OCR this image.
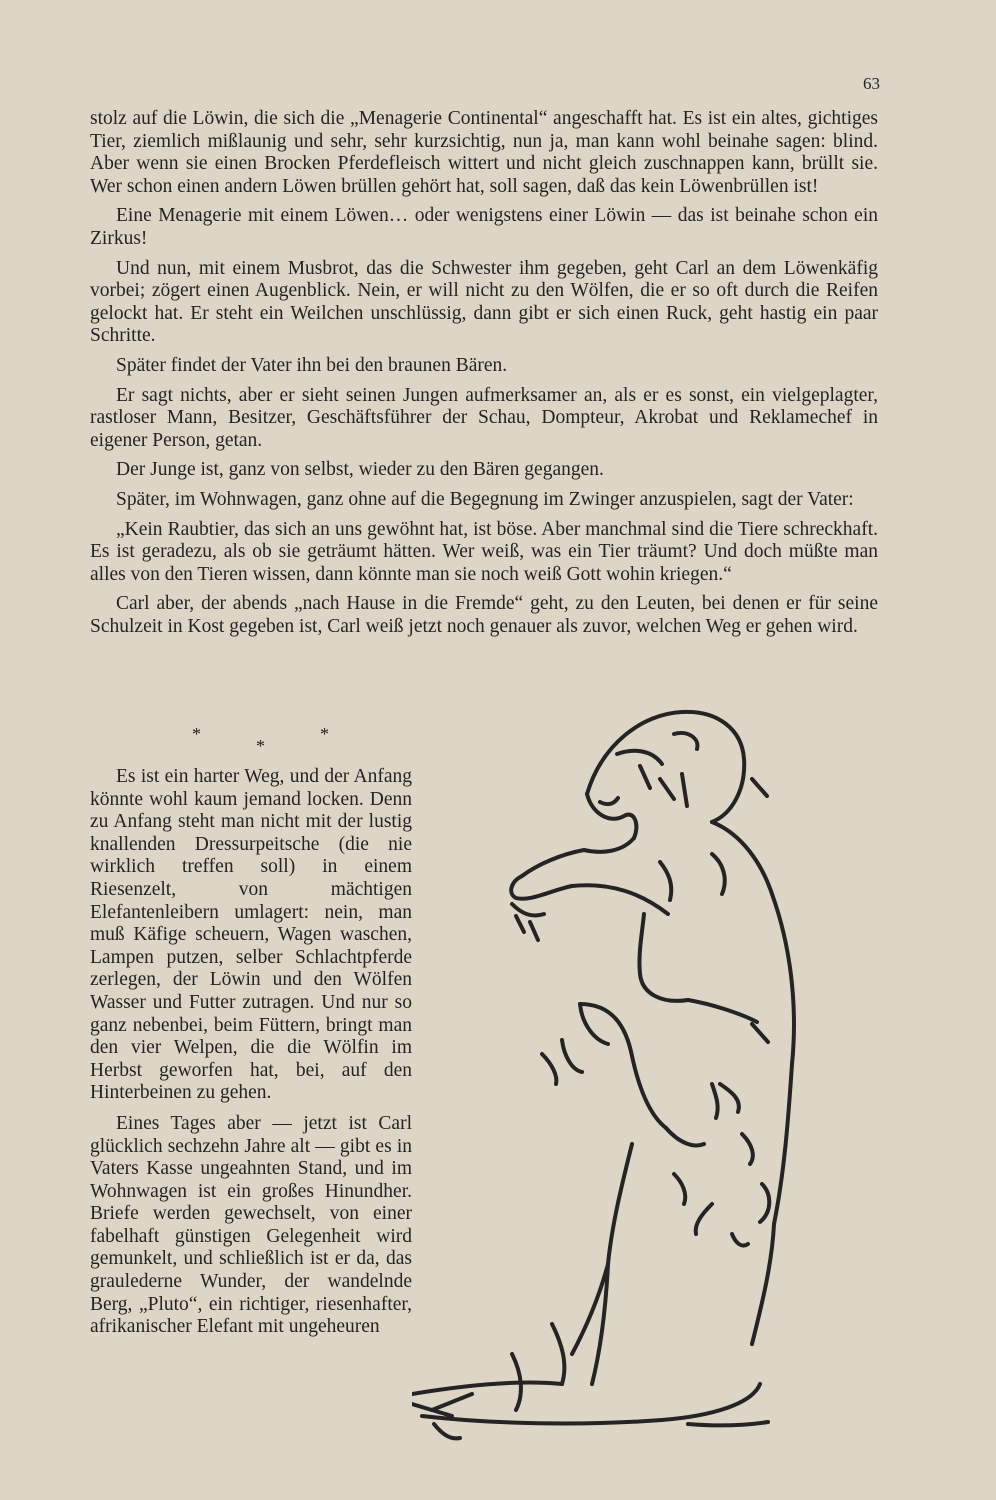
63

stolz auf die Löwin, die sich die „Menagerie Continental“ angeschafft hat. Es ist ein altes, gichtiges Tier, ziemlich mißlaunig und sehr, sehr kurzsichtig, nun ja, man kann wohl beinahe sagen: blind. Aber wenn sie einen Brocken Pferdefleisch wittert und nicht gleich zuschnappen kann, brüllt sie. Wer schon einen andern Löwen brüllen gehört hat, soll sagen, daß das kein Löwenbrüllen ist!

Eine Menagerie mit einem Löwen… oder wenigstens einer Löwin — das ist beinahe schon ein Zirkus!

Und nun, mit einem Musbrot, das die Schwester ihm gegeben, geht Carl an dem Löwenkäfig vorbei; zögert einen Augenblick. Nein, er will nicht zu den Wölfen, die er so oft durch die Reifen gelockt hat. Er steht ein Weilchen unschlüssig, dann gibt er sich einen Ruck, geht hastig ein paar Schritte.

Später findet der Vater ihn bei den braunen Bären.

Er sagt nichts, aber er sieht seinen Jungen aufmerksamer an, als er es sonst, ein vielgeplagter, rastloser Mann, Besitzer, Geschäftsführer der Schau, Dompteur, Akrobat und Reklamechef in eigener Person, getan.

Der Junge ist, ganz von selbst, wieder zu den Bären gegangen.

Später, im Wohnwagen, ganz ohne auf die Begegnung im Zwinger anzuspielen, sagt der Vater:

„Kein Raubtier, das sich an uns gewöhnt hat, ist böse. Aber manchmal sind die Tiere schreckhaft. Es ist geradezu, als ob sie geträumt hätten. Wer weiß, was ein Tier träumt? Und doch müßte man alles von den Tieren wissen, dann könnte man sie noch weiß Gott wohin kriegen.“

Carl aber, der abends „nach Hause in die Fremde“ geht, zu den Leuten, bei denen er für seine Schulzeit in Kost gegeben ist, Carl weiß jetzt noch genauer als zuvor, welchen Weg er gehen wird.

*
*
*

Es ist ein harter Weg, und der Anfang könnte wohl kaum jemand locken. Denn zu Anfang steht man nicht mit der lustig knallenden Dressurpeitsche (die nie wirklich treffen soll) in einem Riesenzelt, von mächtigen Elefantenleibern umlagert: nein, man muß Käfige scheuern, Wagen waschen, Lampen putzen, selber Schlachtpferde zerlegen, der Löwin und den Wölfen Wasser und Futter zutragen. Und nur so ganz nebenbei, beim Füttern, bringt man den vier Welpen, die die Wölfin im Herbst geworfen hat, bei, auf den Hinterbeinen zu gehen.

Eines Tages aber — jetzt ist Carl glücklich sechzehn Jahre alt — gibt es in Vaters Kasse ungeahnten Stand, und im Wohnwagen ist ein großes Hinundher. Briefe werden gewechselt, von einer fabelhaft günstigen Gelegenheit wird gemunkelt, und schließlich ist er da, das graulederne Wunder, der wandelnde Berg, „Pluto“, ein richtiger, riesenhafter, afrikanischer Elefant mit ungeheuren
